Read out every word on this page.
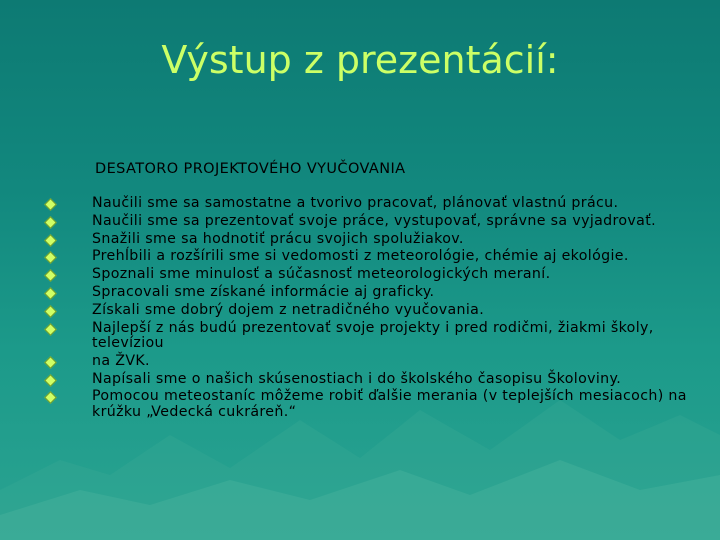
Výstup z prezentácií:
DESATORO PROJEKTOVÉHO VYUČOVANIA
Naučili sme sa samostatne a tvorivo pracovať, plánovať vlastnú prácu.
Naučili sme sa prezentovať svoje práce, vystupovať, správne sa vyjadrovať.
Snažili sme sa hodnotiť prácu svojich spolužiakov.
Prehĺbili a rozšírili sme si vedomosti z meteorológie, chémie aj ekológie.
Spoznali sme minulosť a súčasnosť meteorologických meraní.
Spracovali sme získané informácie aj graficky.
Získali sme dobrý dojem z netradičného vyučovania.
Najlepší z nás budú prezentovať svoje projekty i pred rodičmi, žiakmi školy, televíziou
na ŽVK.
Napísali sme o našich skúsenostiach i do školského časopisu Školoviny.
Pomocou meteostaníc môžeme robiť ďalšie merania (v teplejších mesiacoch) na krúžku „Vedecká cukráreň.“
